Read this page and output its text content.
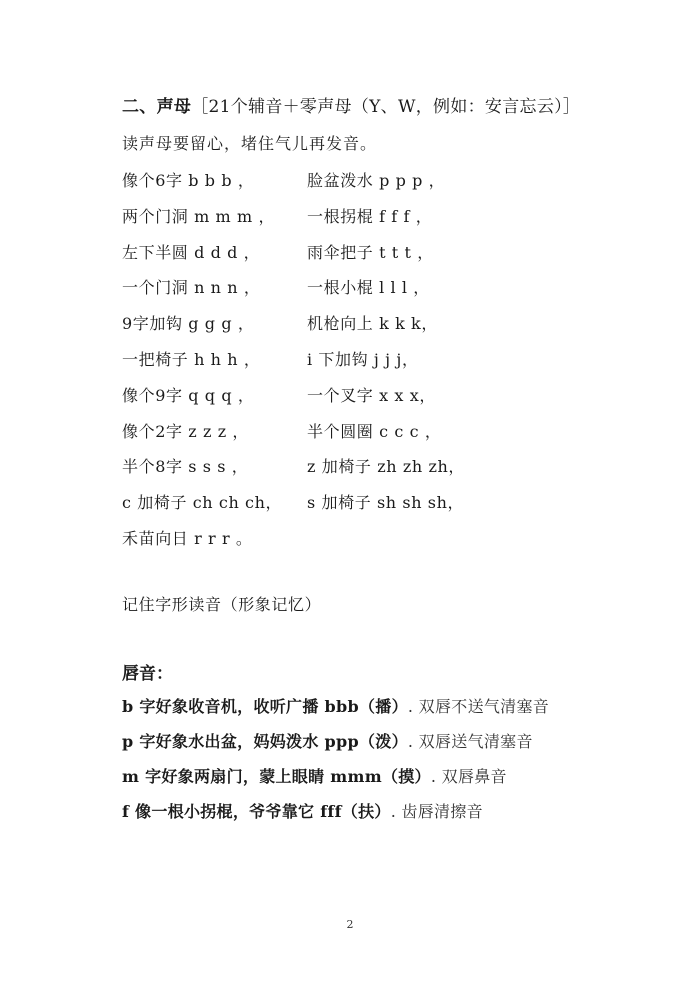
二、声母［21个辅音＋零声母（Y、W，例如：安言忘云）］
读声母要留心，堵住气儿再发音。
像个6字 b b b ，	脸盆泼水 p p p ，
两个门洞 m m m ， 一根拐棍 f f f ，
左下半圆 d d d ，	雨伞把子 t t t ，
一个门洞 n n n ，	一根小棍 l l l ，
9字加钩 g g g ，	机枪向上 k k k，
一把椅子 h h h ，	i 下加钩 j j j，
像个9字 q q q ，	一个叉字 x x x，
像个2字 z z z ，	半个圆圈 c c c ，
半个8字 s s s ，	z 加椅子 zh zh zh，
c 加椅子 ch ch ch， s 加椅子 sh sh sh，
禾苗向日 r r r 。
记住字形读音（形象记忆）
唇音：
b 字好象收音机，收听广播 bbb（播）. 双唇不送气清塞音
p 字好象水出盆，妈妈泼水 ppp（泼）. 双唇送气清塞音
m 字好象两扇门，蒙上眼睛 mmm（摸）. 双唇鼻音
f 像一根小拐棍，爷爷靠它 fff（扶）. 齿唇清擦音
2
